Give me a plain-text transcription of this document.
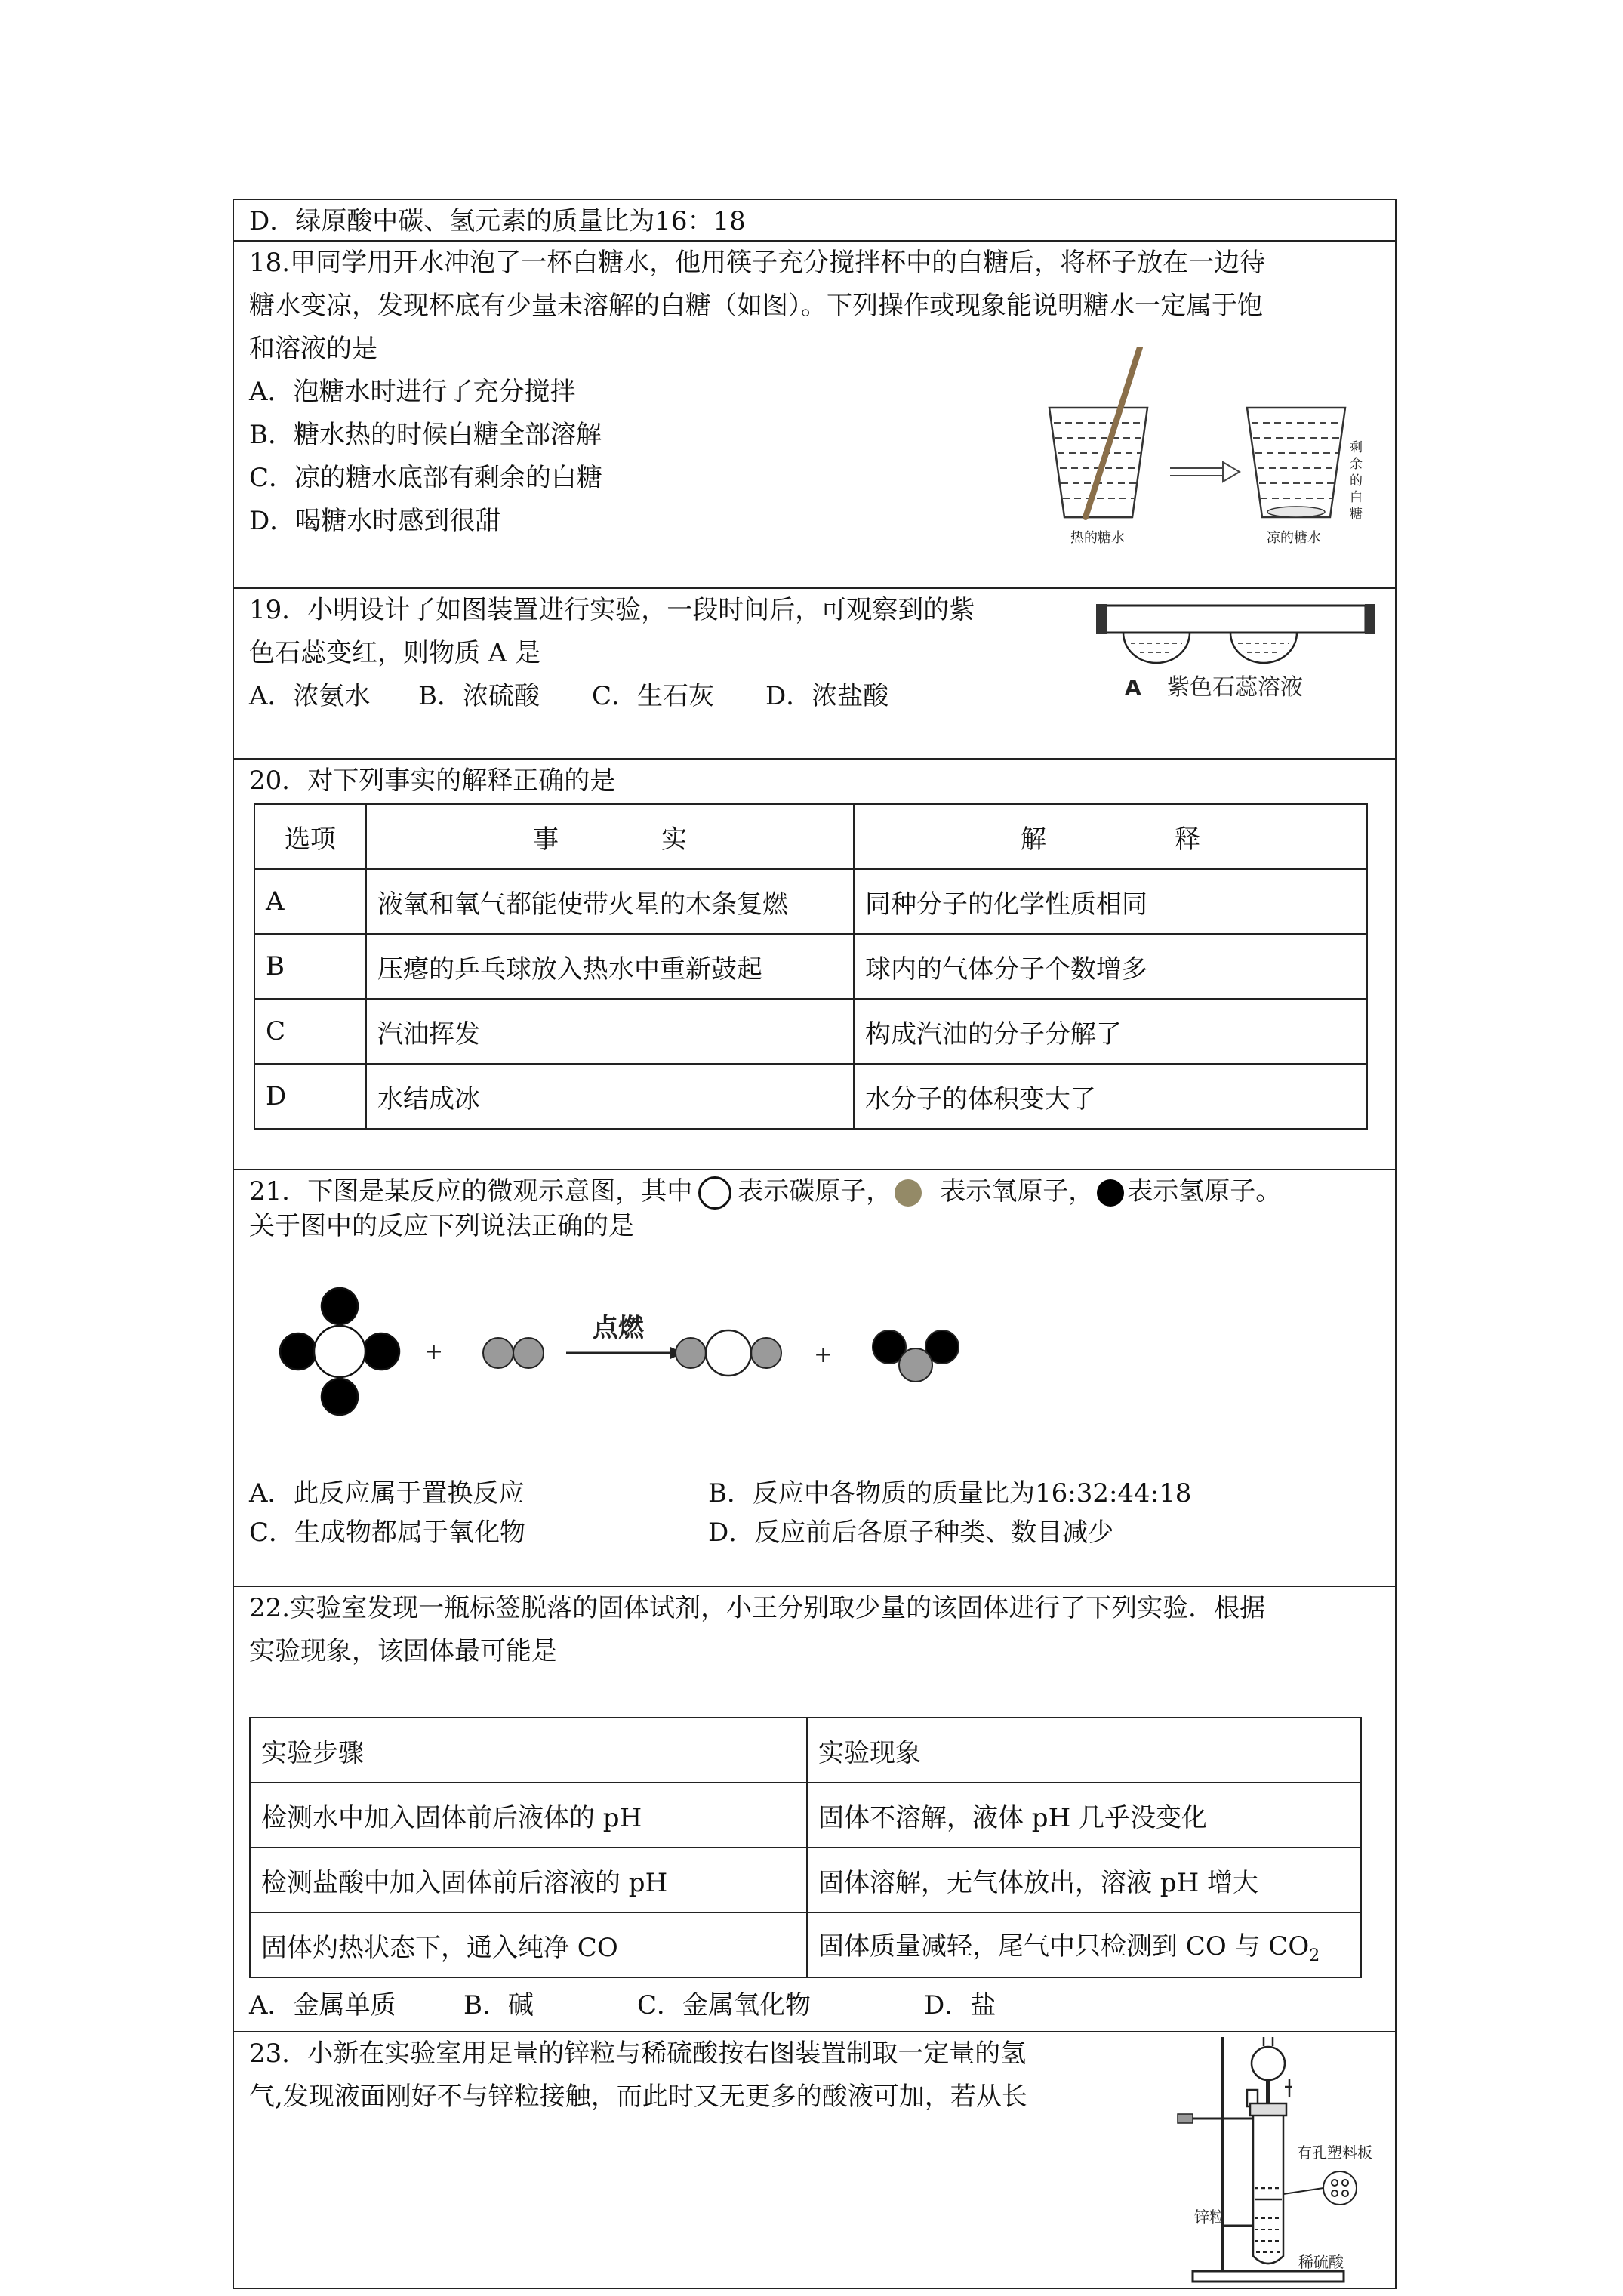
D．绿原酸中碳、氢元素的质量比为16：18
18.甲同学用开水冲泡了一杯白糖水，他用筷子充分搅拌杯中的白糖后，将杯子放在一边待
糖水变凉，发现杯底有少量未溶解的白糖（如图）。下列操作或现象能说明糖水一定属于饱
和溶液的是
A．泡糖水时进行了充分搅拌
B．糖水热的时候白糖全部溶解
C．凉的糖水底部有剩余的白糖
D．喝糖水时感到很甜
热的糖水
剩余的白糖
凉的糖水
19．小明设计了如图装置进行实验，一段时间后，可观察到的紫
色石蕊变红，则物质 A 是
A．浓氨水 B．浓硫酸 C．生石灰 D．浓盐酸	A 紫色石蕊溶液
20．对下列事实的解释正确的是
选项	事　　　　实	解　　　　　释
A	液氧和氧气都能使带火星的木条复燃	同种分子的化学性质相同
B	压瘪的乒乓球放入热水中重新鼓起	球内的气体分子个数增多
C	汽油挥发	构成汽油的分子分解了
D	水结成冰	水分子的体积变大了
21．下图是某反应的微观示意图，其中 表示碳原子， 表示氧原子， 表示氢原子。
关于图中的反应下列说法正确的是
+
点燃
+
A．此反应属于置换反应	B．反应中各物质的质量比为16:32:44:18
C．生成物都属于氧化物	D．反应前后各原子种类、数目减少
22.实验室发现一瓶标签脱落的固体试剂，小王分别取少量的该固体进行了下列实验．根据
实验现象，该固体最可能是
实验步骤	实验现象
检测水中加入固体前后液体的 pH	固体不溶解，液体 pH 几乎没变化
检测盐酸中加入固体前后溶液的 pH	固体溶解，无气体放出，溶液 pH 增大
固体灼热状态下，通入纯净 CO	固体质量减轻，尾气中只检测到 CO 与 $CO_2$
A．金属单质	B．碱	C．金属氧化物	D．盐
23．小新在实验室用足量的锌粒与稀硫酸按右图装置制取一定量的氢
气,发现液面刚好不与锌粒接触，而此时又无更多的酸液可加，若从长
有孔塑料板
锌粒
稀硫酸
